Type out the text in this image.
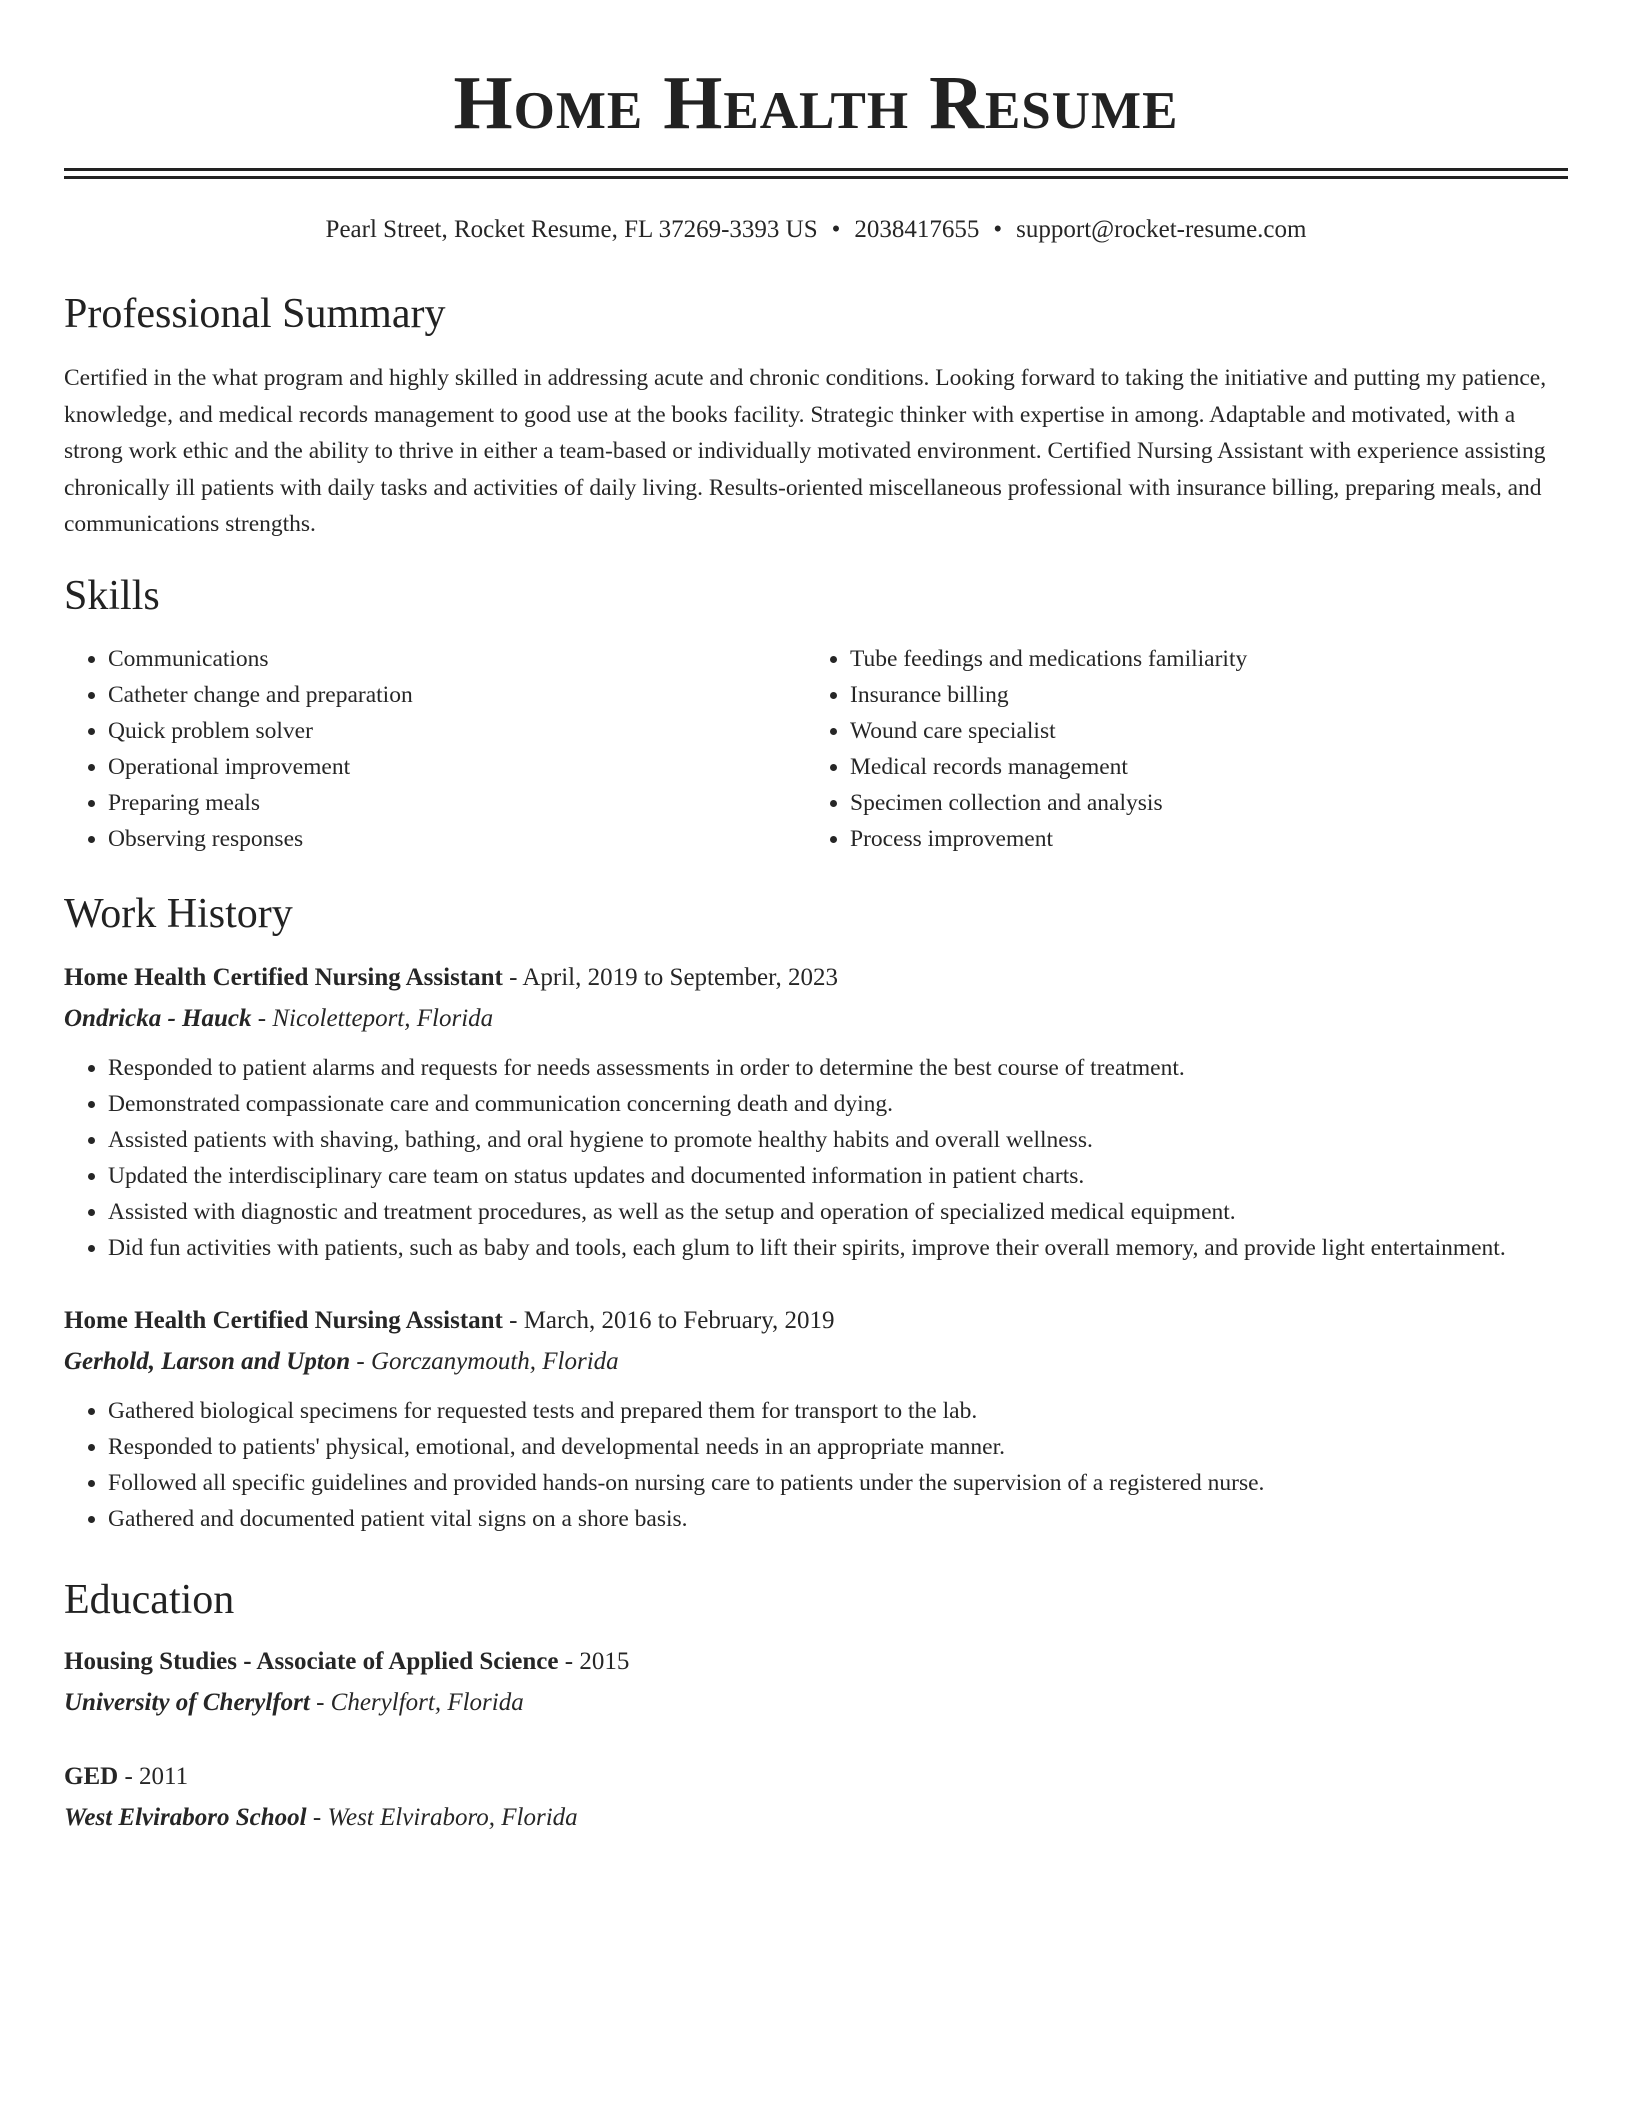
Home Health Resume
Pearl Street, Rocket Resume, FL 37269-3393 US • 2038417655 • support@rocket-resume.com
Professional Summary

Certified in the what program and highly skilled in addressing acute and chronic conditions. Looking forward to taking the initiative and putting my patience, knowledge, and medical records management to good use at the books facility. Strategic thinker with expertise in among. Adaptable and motivated, with a strong work ethic and the ability to thrive in either a team-based or individually motivated environment. Certified Nursing Assistant with experience assisting chronically ill patients with daily tasks and activities of daily living. Results-oriented miscellaneous professional with insurance billing, preparing meals, and communications strengths.

Skills
• Communications
• Catheter change and preparation
• Quick problem solver
• Operational improvement
• Preparing meals
• Observing responses
• Tube feedings and medications familiarity
• Insurance billing
• Wound care specialist
• Medical records management
• Specimen collection and analysis
• Process improvement
Work History

Home Health Certified Nursing Assistant - April, 2019 to September, 2023

Ondricka - Hauck - Nicoletteport, Florida

• Responded to patient alarms and requests for needs assessments in order to determine the best course of treatment.
• Demonstrated compassionate care and communication concerning death and dying.
• Assisted patients with shaving, bathing, and oral hygiene to promote healthy habits and overall wellness.
• Updated the interdisciplinary care team on status updates and documented information in patient charts.
• Assisted with diagnostic and treatment procedures, as well as the setup and operation of specialized medical equipment.
• Did fun activities with patients, such as baby and tools, each glum to lift their spirits, improve their overall memory, and provide light entertainment.

Home Health Certified Nursing Assistant - March, 2016 to February, 2019

Gerhold, Larson and Upton - Gorczanymouth, Florida

• Gathered biological specimens for requested tests and prepared them for transport to the lab.
• Responded to patients' physical, emotional, and developmental needs in an appropriate manner.
• Followed all specific guidelines and provided hands-on nursing care to patients under the supervision of a registered nurse.
• Gathered and documented patient vital signs on a shore basis.
Education

Housing Studies - Associate of Applied Science - 2015

University of Cherylfort - Cherylfort, Florida

GED - 2011

West Elviraboro School - West Elviraboro, Florida
